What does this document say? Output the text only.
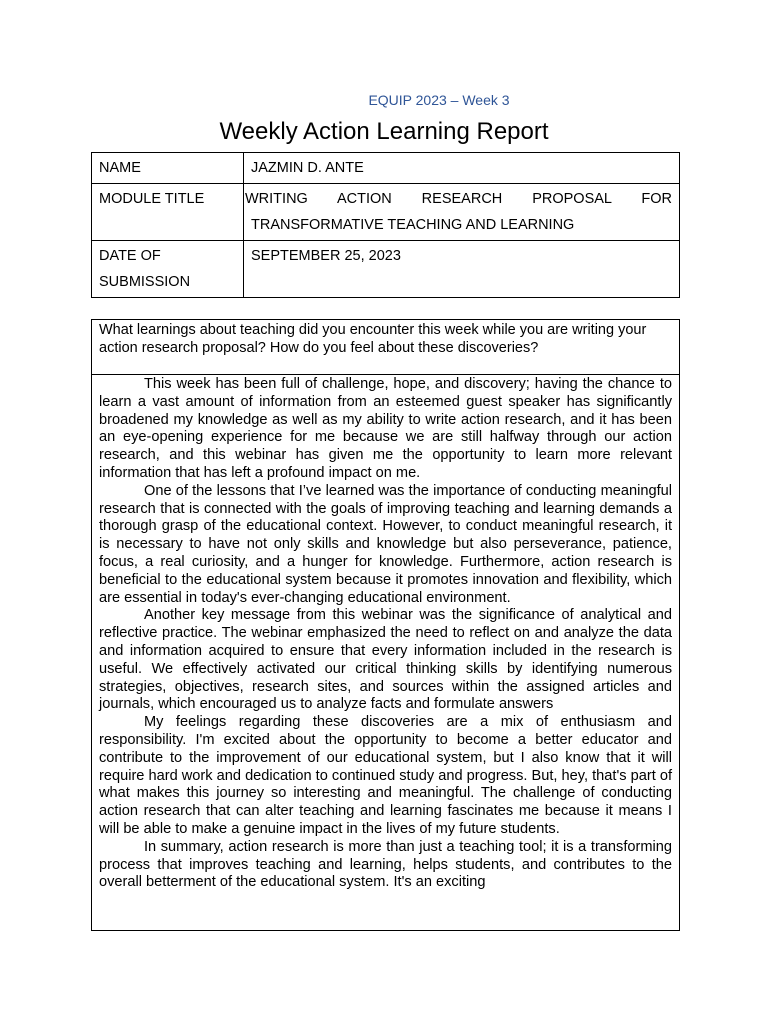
EQUIP 2023 – Week 3
Weekly Action Learning Report
NAME	JAZMIN D. ANTE
MODULE TITLE	WRITING ACTION RESEARCH PROPOSAL FOR
TRANSFORMATIVE TEACHING AND LEARNING

DATE OF
SUBMISSION	SEPTEMBER 25, 2023
What learnings about teaching did you encounter this week while you are writing your action research proposal? How do you feel about these discoveries?

This week has been full of challenge, hope, and discovery; having the chance to learn a vast amount of information from an esteemed guest speaker has significantly broadened my knowledge as well as my ability to write action research, and it has been an eye-opening experience for me because we are still halfway through our action research, and this webinar has given me the opportunity to learn more relevant information that has left a profound impact on me.

One of the lessons that I’ve learned was the importance of conducting meaningful research that is connected with the goals of improving teaching and learning demands a thorough grasp of the educational context. However, to conduct meaningful research, it is necessary to have not only skills and knowledge but also perseverance, patience, focus, a real curiosity, and a hunger for knowledge. Furthermore, action research is beneficial to the educational system because it promotes innovation and flexibility, which are essential in today's ever-changing educational environment.

Another key message from this webinar was the significance of analytical and reflective practice. The webinar emphasized the need to reflect on and analyze the data and information acquired to ensure that every information included in the research is useful. We effectively activated our critical thinking skills by identifying numerous strategies, objectives, research sites, and sources within the assigned articles and journals, which encouraged us to analyze facts and formulate answers

My feelings regarding these discoveries are a mix of enthusiasm and responsibility. I'm excited about the opportunity to become a better educator and contribute to the improvement of our educational system, but I also know that it will require hard work and dedication to continued study and progress. But, hey, that's part of what makes this journey so interesting and meaningful. The challenge of conducting action research that can alter teaching and learning fascinates me because it means I will be able to make a genuine impact in the lives of my future students.

In summary, action research is more than just a teaching tool; it is a transforming process that improves teaching and learning, helps students, and contributes to the overall betterment of the educational system. It's an exciting
